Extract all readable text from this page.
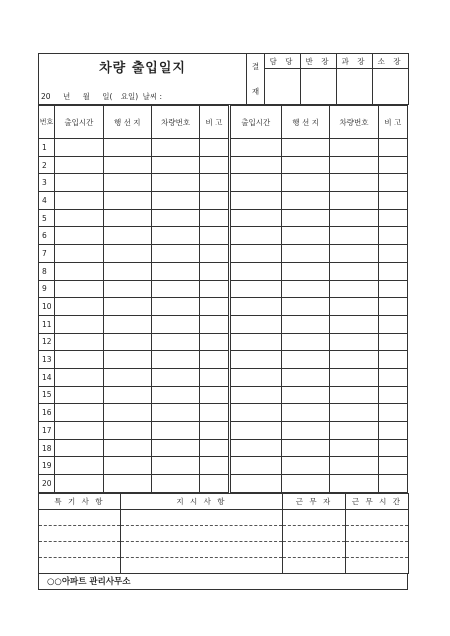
차량 출입일지	결
재	담 당	반 장	과 장	소 장

20 년 월 일( 요일) 날씨 :					
번호	출입시간	행 선 지	차량번호	비 고	출입시간	행 선 지	차량번호	비 고
1								
2								
3								
4								
5								
6								
7								
8								
9								
10								
11								
12								
13								
14								
15								
16								
17								
18								
19								
20								
특 기 사 항	지 시 사 항	근 무 자	근 무 시 간

○○아파트 관리사무소
